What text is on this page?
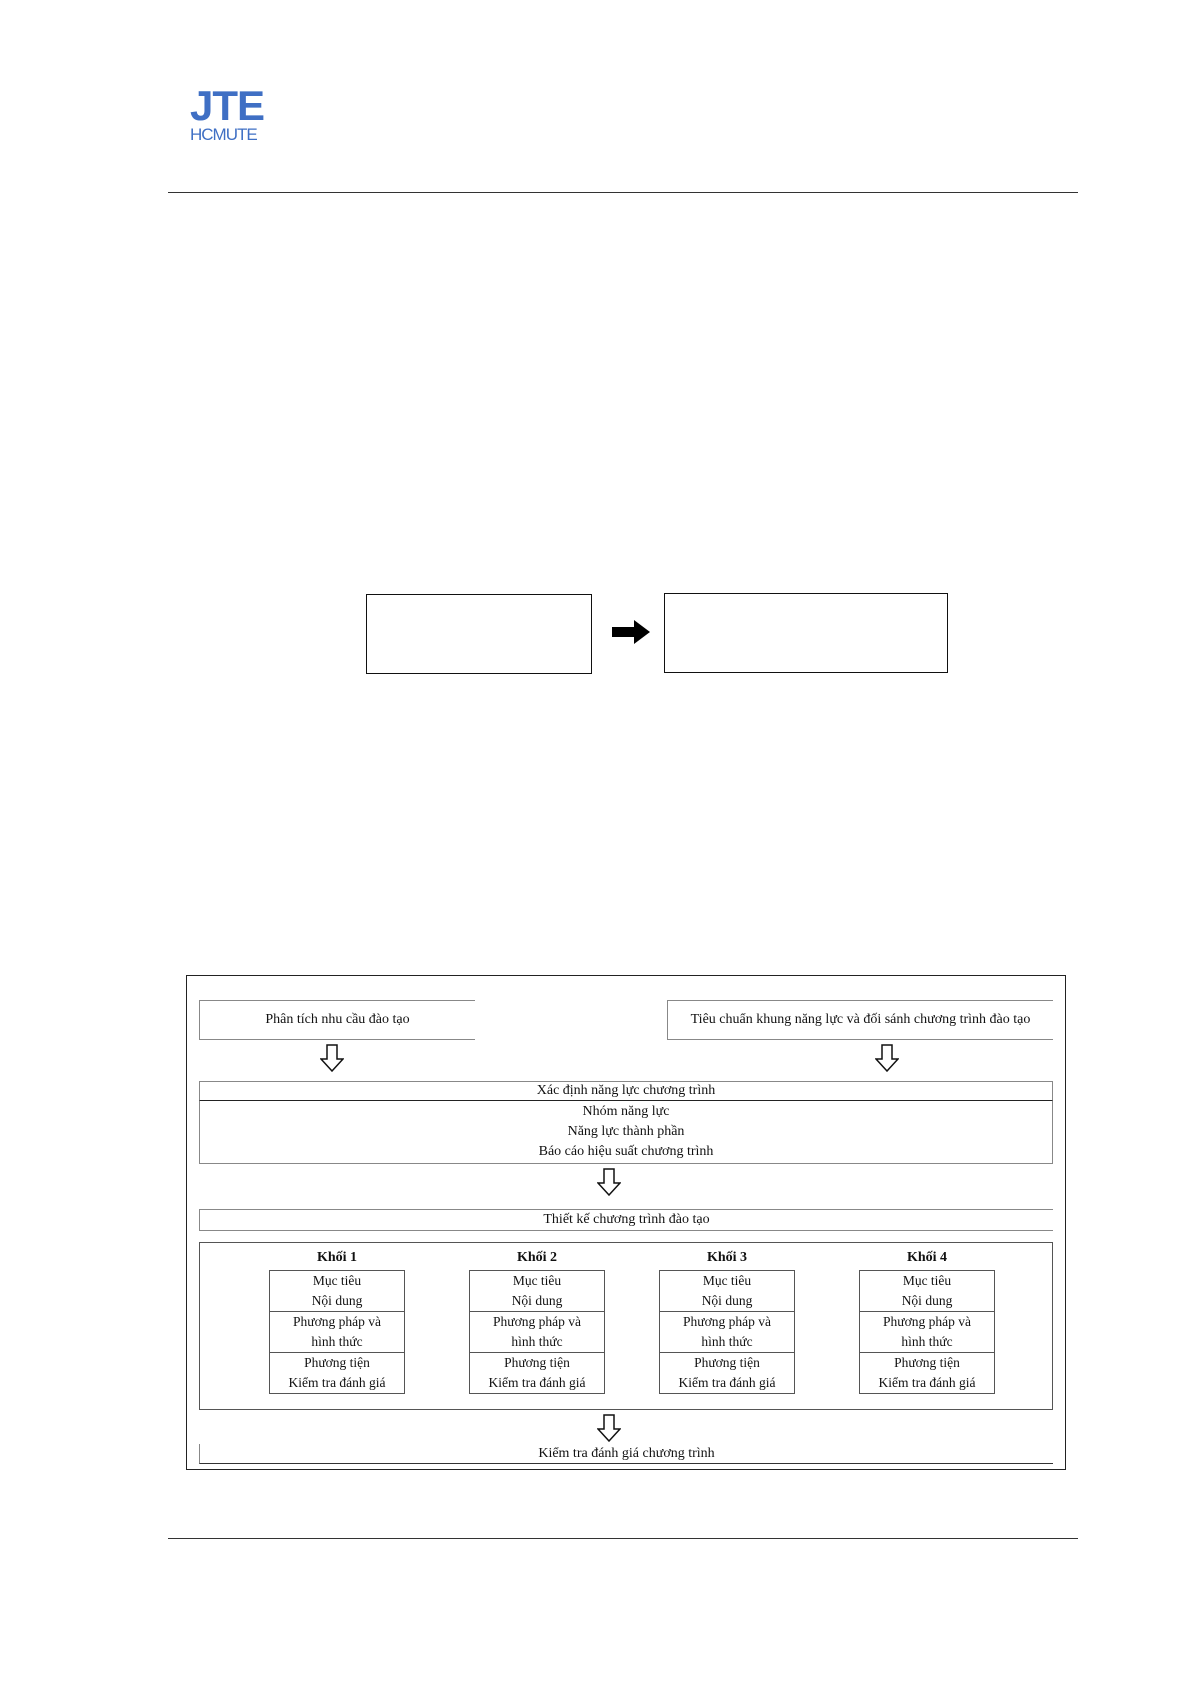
JTE
HCMUTE
Phân tích nhu cầu đào tạo	Tiêu chuẩn khung năng lực và đối sánh chương trình đào tạo
Xác định năng lực chương trình
Nhóm năng lực
Năng lực thành phần
Báo cáo hiệu suất chương trình
Thiết kế chương trình đào tạo
Khối 1
Mục tiêu
Nội dung
Phương pháp và
hình thức
Phương tiện
Kiểm tra đánh giá
Khối 2
Mục tiêu
Nội dung
Phương pháp và
hình thức
Phương tiện
Kiểm tra đánh giá
Khối 3
Mục tiêu
Nội dung
Phương pháp và
hình thức
Phương tiện
Kiểm tra đánh giá
Khối 4
Mục tiêu
Nội dung
Phương pháp và
hình thức
Phương tiện
Kiểm tra đánh giá
Kiểm tra đánh giá chương trình
